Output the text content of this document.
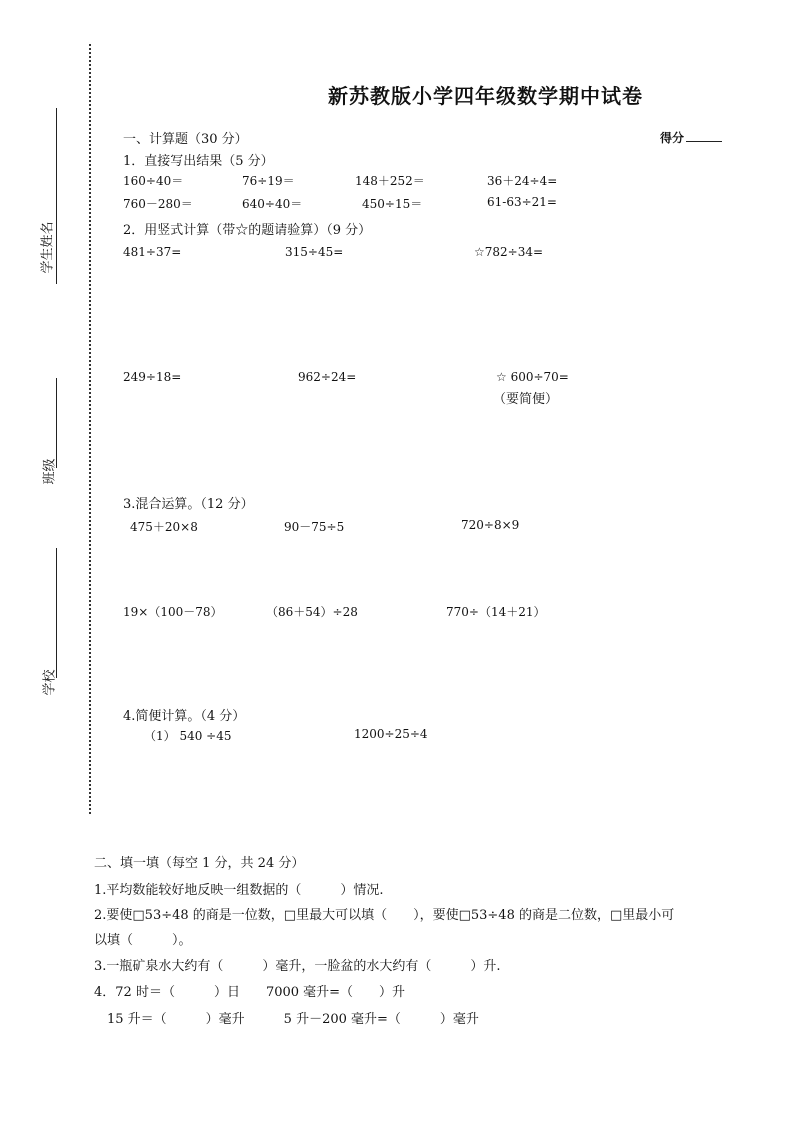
学生姓名
班级
学校
新苏教版小学四年级数学期中试卷
一、计算题（30 分）	得分
1．直接写出结果（5 分）
160÷40＝	76÷19＝	148＋252＝	36＋24÷4=
760－280＝	640÷40＝	450÷15＝	61-63÷21=
2．用竖式计算（带☆的题请验算）（9 分）
481÷37=	315÷45=	☆782÷34=
249÷18=	962÷24=	☆ 600÷70=
（要简便）
3.混合运算。（12 分）
475＋20×8	90－75÷5	720÷8×9
19×（100－78）	（86＋54）÷28	770÷（14＋21）
4.简便计算。（4 分）
（1） 540 ÷45	1200÷25÷4
二、填一填（每空 1 分，共 24 分）
1.平均数能较好地反映一组数据的（　　　）情况.
2.要使□53÷48 的商是一位数，□里最大可以填（　　），要使□53÷48 的商是二位数，□里最小可
以填（　　　）。
3.一瓶矿泉水大约有（　　　）毫升，一脸盆的水大约有（　　　）升.
4．72 时＝（　　　）日　　7000 毫升=（　　）升
　15 升＝（　　　）毫升　　　5 升－200 毫升=（　　　）毫升
